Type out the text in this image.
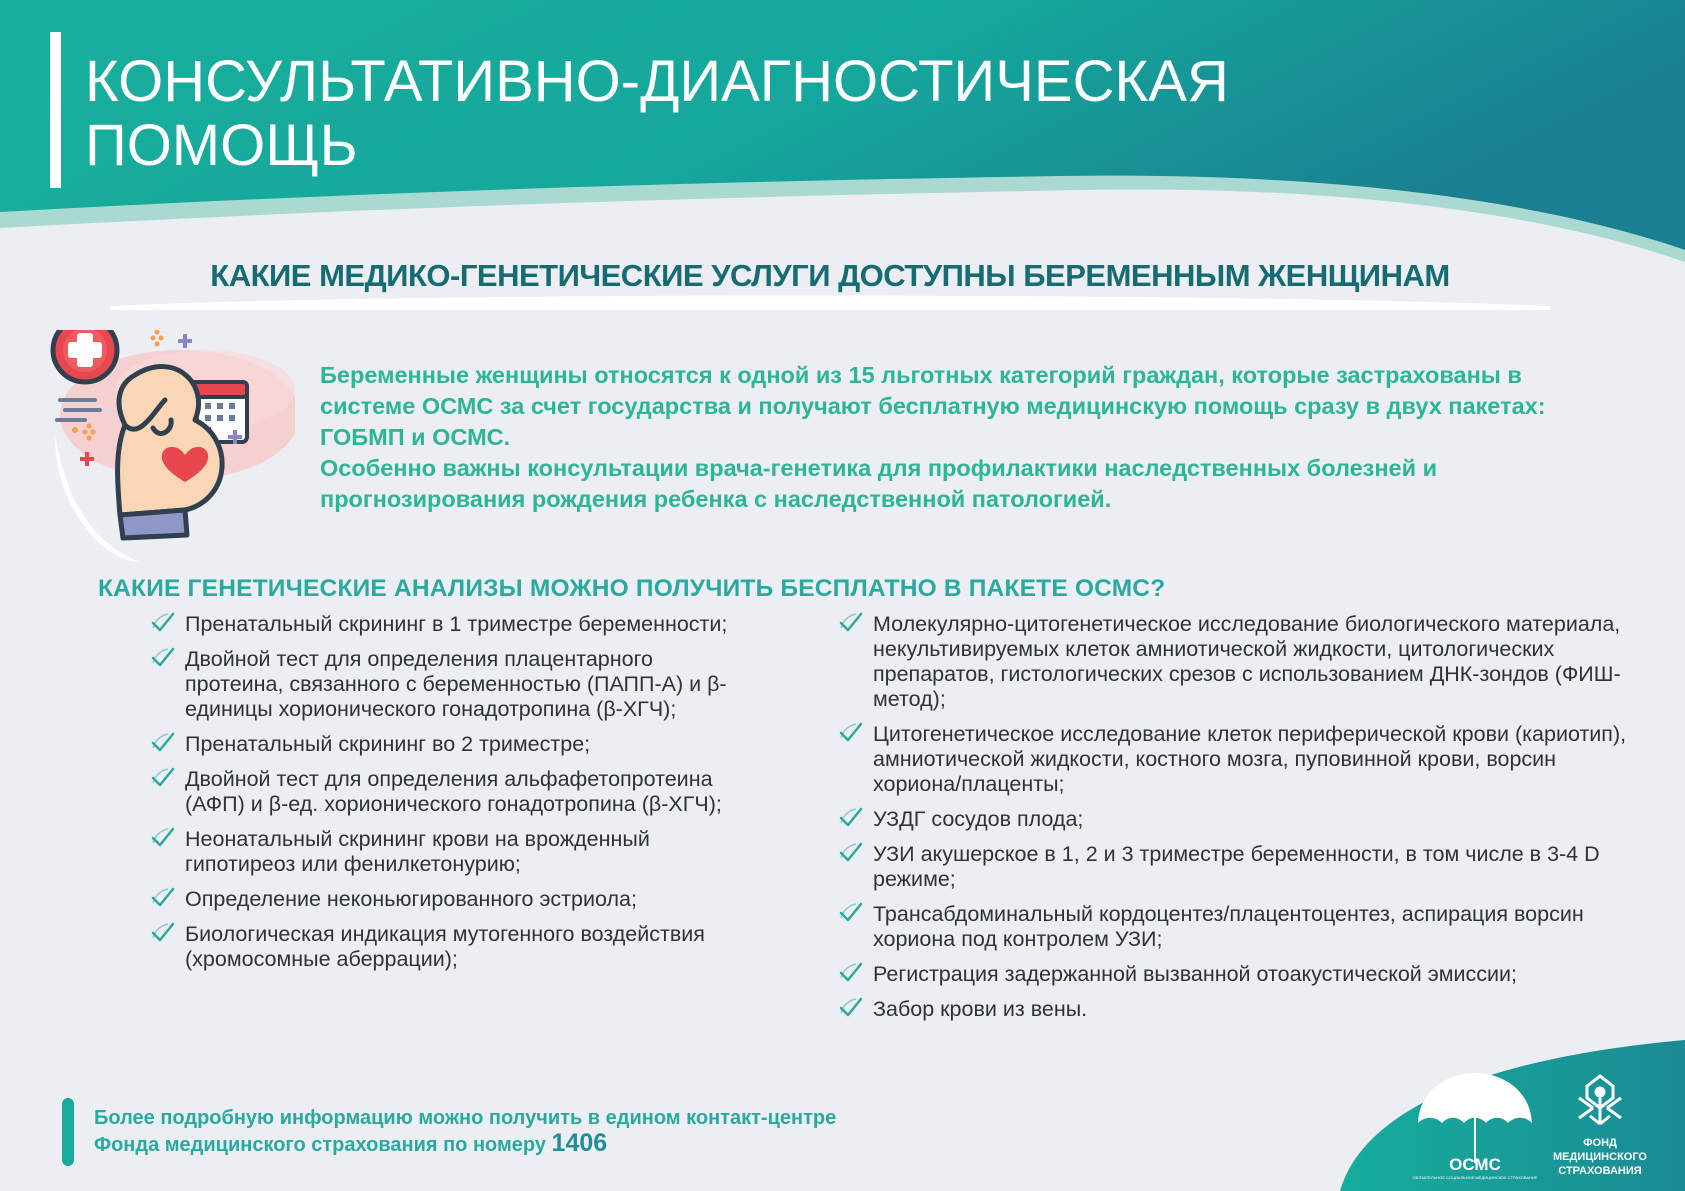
КОНСУЛЬТАТИВНО-ДИАГНОСТИЧЕСКАЯ
ПОМОЩЬ
КАКИЕ МЕДИКО-ГЕНЕТИЧЕСКИЕ УСЛУГИ ДОСТУПНЫ БЕРЕМЕННЫМ ЖЕНЩИНАМ

Беременные женщины относятся к одной из 15 льготных категорий граждан, которые застрахованы в системе ОСМС за счет государства и получают бесплатную медицинскую помощь сразу в двух пакетах: ГОБМП и ОСМС.

Особенно важны консультации врача-генетика для профилактики наследственных болезней и прогнозирования рождения ребенка с наследственной патологией.

КАКИЕ ГЕНЕТИЧЕСКИЕ АНАЛИЗЫ МОЖНО ПОЛУЧИТЬ БЕСПЛАТНО В ПАКЕТЕ ОСМС?
Пренатальный скрининг в 1 триместре беременности;
Двойной тест для определения плацентарного протеина, связанного с беременностью (ПАПП-А) и β-единицы хорионического гонадотропина (β-ХГЧ);
Пренатальный скрининг во 2 триместре;
Двойной тест для определения альфафетопротеина (АФП) и β-ед. хорионического гонадотропина (β-ХГЧ);
Неонатальный скрининг крови на врожденный гипотиреоз или фенилкетонурию;
Определение неконьюгированного эстриола;
Биологическая индикация мутогенного воздействия (хромосомные аберрации);
Молекулярно-цитогенетическое исследование биологического материала, некультивируемых клеток амниотической жидкости, цитологических препаратов, гистологических срезов с использованием ДНК-зондов (ФИШ-метод);
Цитогенетическое исследование клеток периферической крови (кариотип), амниотической жидкости, костного мозга, пуповинной крови, ворсин хориона/плаценты;
УЗДГ сосудов плода;
УЗИ акушерское в 1, 2 и 3 триместре беременности, в том числе в 3-4 D режиме;
Трансабдоминальный кордоцентез/плацентоцентез, аспирация ворсин хориона под контролем УЗИ;
Регистрация задержанной вызванной отоакустической эмиссии;
Забор крови из вены.
Более подробную информацию можно получить в едином контакт-центре
Фонда медицинского страхования по номеру 1406
ОСМС
ОБЯЗАТЕЛЬНОЕ СОЦИАЛЬНОЕ МЕДИЦИНСКОЕ СТРАХОВАНИЕ
ФОНД
МЕДИЦИНСКОГО
СТРАХОВАНИЯ
